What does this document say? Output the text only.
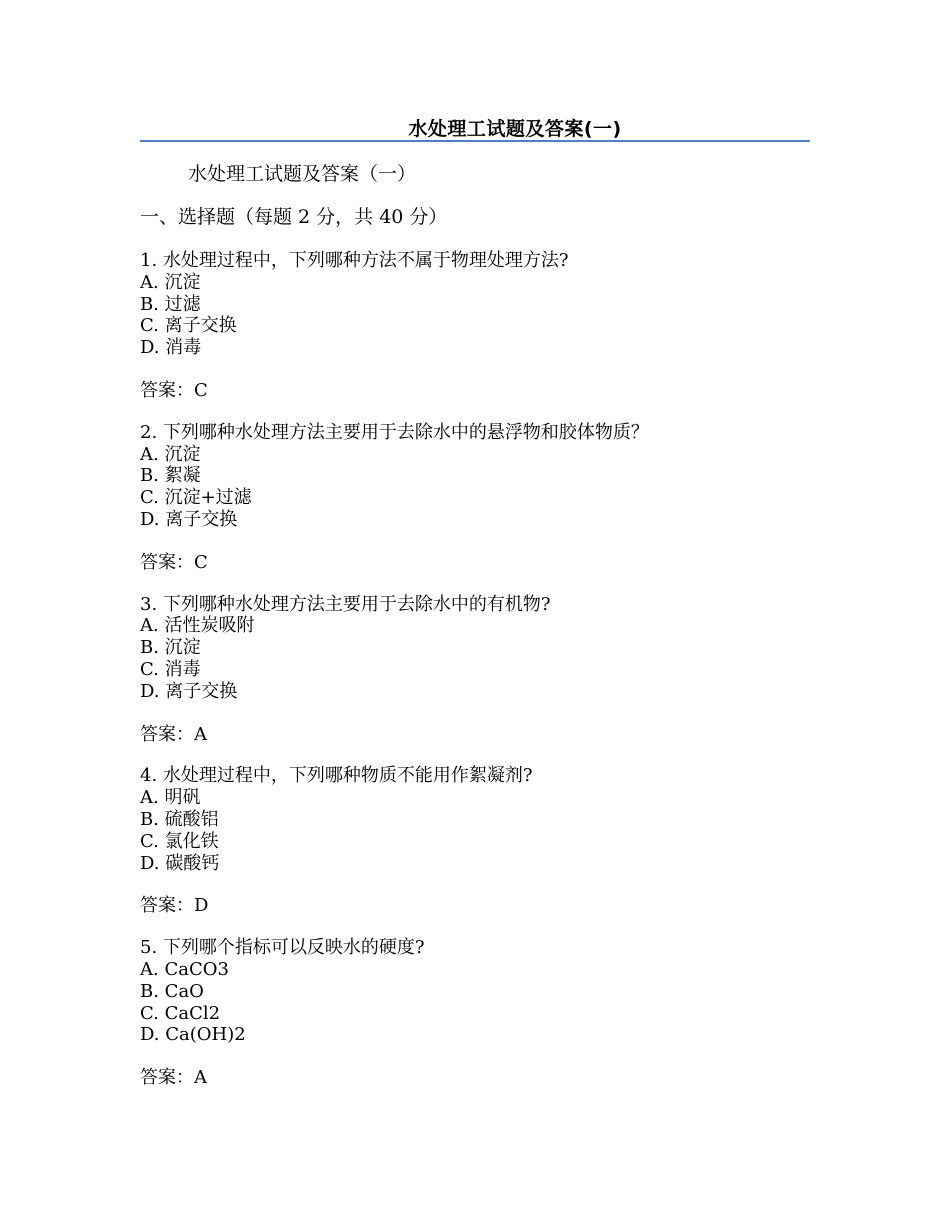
水处理工试题及答案(一)
水处理工试题及答案（一）
一、选择题（每题 2 分，共 40 分）
1. 水处理过程中，下列哪种方法不属于物理处理方法?
A. 沉淀
B. 过滤
C. 离子交换
D. 消毒
答案：C
2. 下列哪种水处理方法主要用于去除水中的悬浮物和胶体物质？
A. 沉淀
B. 絮凝
C. 沉淀+过滤
D. 离子交换
答案：C
3. 下列哪种水处理方法主要用于去除水中的有机物?
A. 活性炭吸附
B. 沉淀
C. 消毒
D. 离子交换
答案：A
4. 水处理过程中，下列哪种物质不能用作絮凝剂?
A. 明矾
B. 硫酸铝
C. 氯化铁
D. 碳酸钙
答案：D
5. 下列哪个指标可以反映水的硬度?
A. CaCO3
B. CaO
C. CaCl2
D. Ca(OH)2
答案：A
